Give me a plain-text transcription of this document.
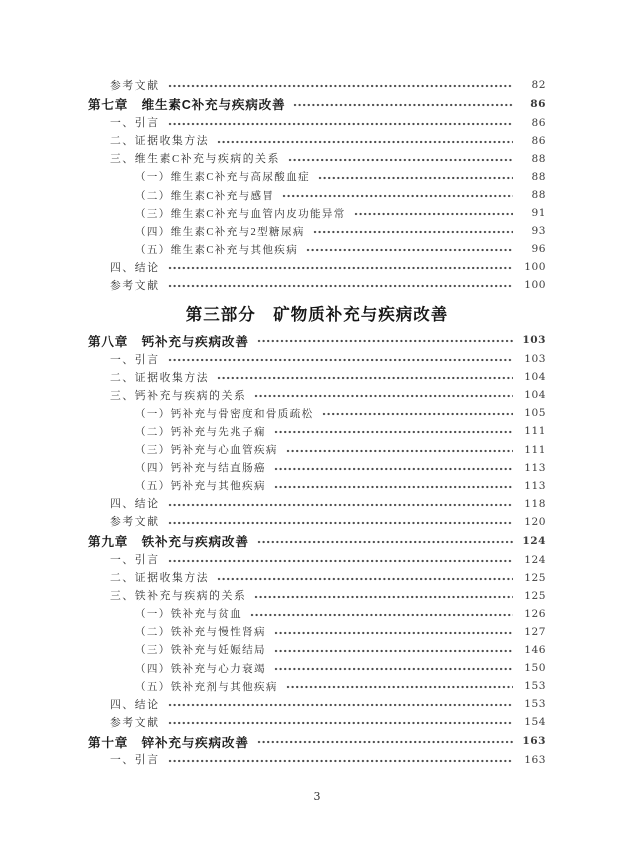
参考文献	82
第七章　维生素C补充与疾病改善	86
一、引言	86
二、证据收集方法	86
三、维生素C补充与疾病的关系	88
（一）维生素C补充与高尿酸血症	88
（二）维生素C补充与感冒	88
（三）维生素C补充与血管内皮功能异常	91
（四）维生素C补充与2型糖尿病	93
（五）维生素C补充与其他疾病	96
四、结论	100
参考文献	100
第三部分　矿物质补充与疾病改善
第八章　钙补充与疾病改善	103
一、引言	103
二、证据收集方法	104
三、钙补充与疾病的关系	104
（一）钙补充与骨密度和骨质疏松	105
（二）钙补充与先兆子痫	111
（三）钙补充与心血管疾病	111
（四）钙补充与结直肠癌	113
（五）钙补充与其他疾病	113
四、结论	118
参考文献	120
第九章　铁补充与疾病改善	124
一、引言	124
二、证据收集方法	125
三、铁补充与疾病的关系	125
（一）铁补充与贫血	126
（二）铁补充与慢性肾病	127
（三）铁补充与妊娠结局	146
（四）铁补充与心力衰竭	150
（五）铁补充剂与其他疾病	153
四、结论	153
参考文献	154
第十章　锌补充与疾病改善	163
一、引言	163
3
